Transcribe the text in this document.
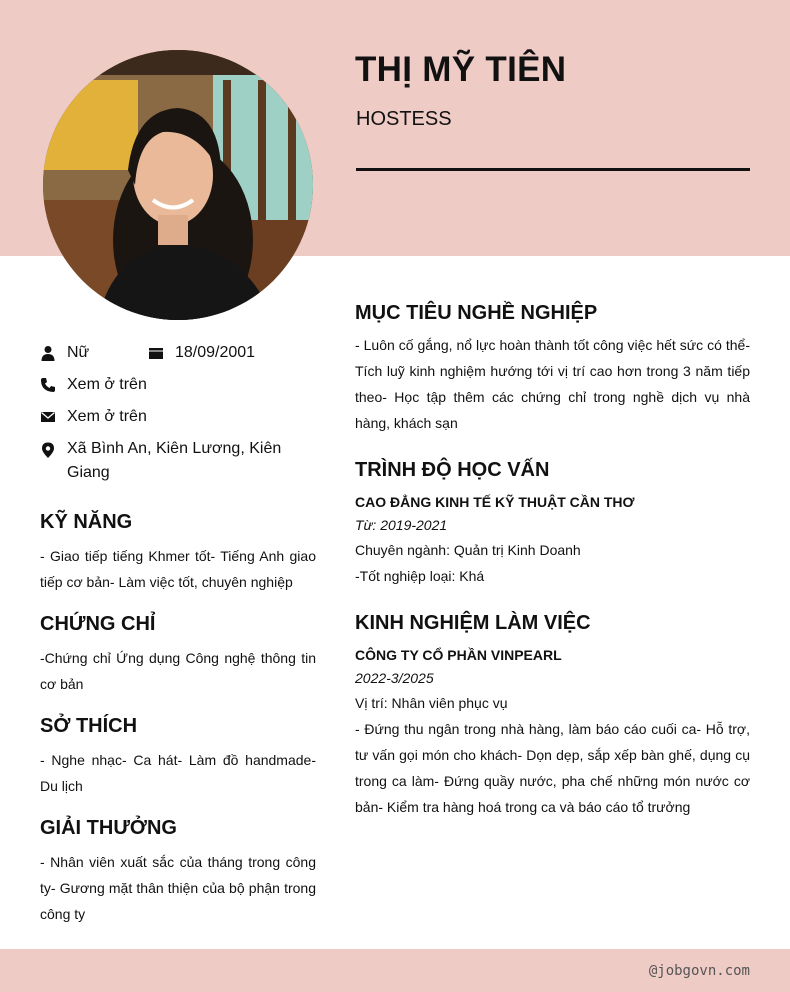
THỊ MỸ TIÊN
HOSTESS
Nữ	18/09/2001
Xem ở trên
Xem ở trên
Xã Bình An, Kiên Lương, Kiên Giang
KỸ NĂNG
- Giao tiếp tiếng Khmer tốt- Tiếng Anh giao tiếp cơ bản- Làm việc tốt, chuyên nghiệp
CHỨNG CHỈ
-Chứng chỉ Ứng dụng Công nghệ thông tin cơ bản
SỞ THÍCH
- Nghe nhạc- Ca hát- Làm đồ handmade- Du lịch
GIẢI THƯỞNG
- Nhân viên xuất sắc của tháng trong công ty- Gương mặt thân thiện của bộ phận trong công ty
MỤC TIÊU NGHỀ NGHIỆP
- Luôn cố gắng, nổ lực hoàn thành tốt công việc hết sức có thể- Tích luỹ kinh nghiệm hướng tới vị trí cao hơn trong 3 năm tiếp theo- Học tập thêm các chứng chỉ trong nghề dịch vụ nhà hàng, khách sạn
TRÌNH ĐỘ HỌC VẤN
CAO ĐẲNG KINH TẾ KỸ THUẬT CẦN THƠ
Từ: 2019-2021
Chuyên ngành: Quản trị Kinh Doanh
-Tốt nghiệp loại: Khá
KINH NGHIỆM LÀM VIỆC
CÔNG TY CỔ PHẦN VINPEARL
2022-3/2025
Vị trí: Nhân viên phục vụ
- Đứng thu ngân trong nhà hàng, làm báo cáo cuối ca- Hỗ trợ, tư vấn gọi món cho khách- Dọn dẹp, sắp xếp bàn ghế, dụng cụ trong ca làm- Đứng quầy nước, pha chế những món nước cơ bản- Kiểm tra hàng hoá trong ca và báo cáo tổ trưởng
@jobgovn.com
